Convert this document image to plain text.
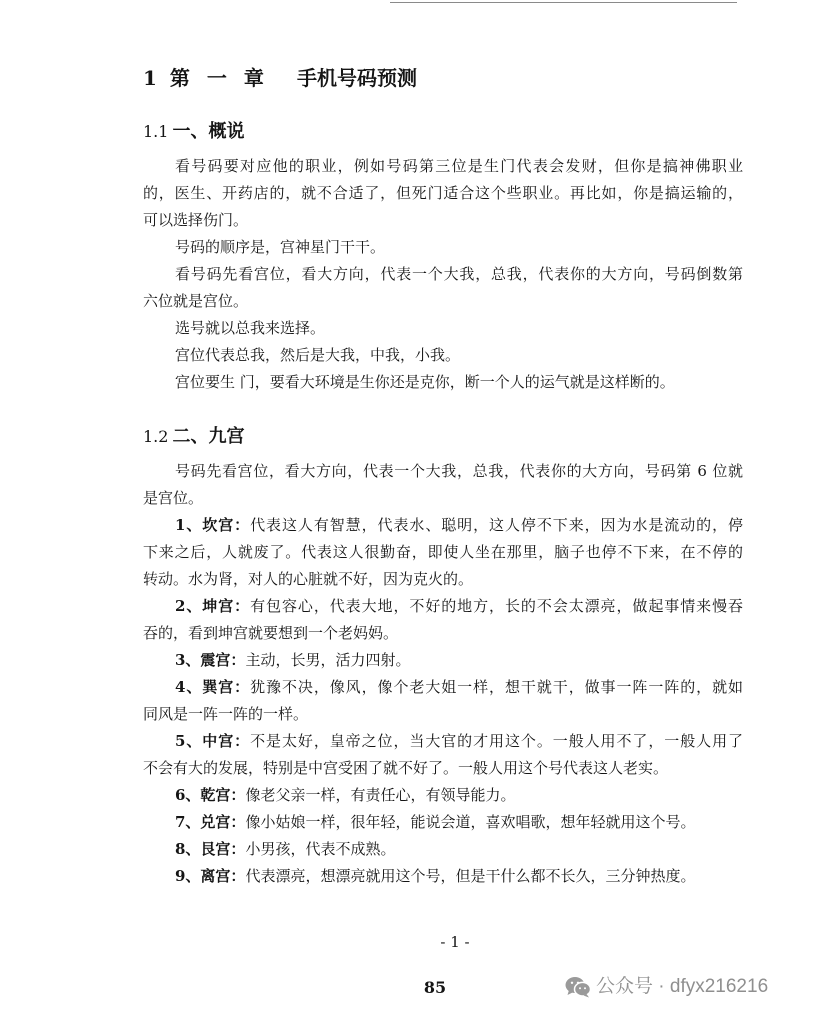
1 第 一 章 手机号码预测
1.1 一、概说
看号码要对应他的职业，例如号码第三位是生门代表会发财，但你是搞神佛职业
的，医生、开药店的，就不合适了，但死门适合这个些职业。再比如，你是搞运输的，
可以选择伤门。
号码的顺序是，宫神星门干干。
看号码先看宫位，看大方向，代表一个大我，总我，代表你的大方向，号码倒数第
六位就是宫位。
选号就以总我来选择。
宫位代表总我，然后是大我，中我，小我。
宫位要生 门，要看大环境是生你还是克你，断一个人的运气就是这样断的。
1.2 二、九宫
号码先看宫位，看大方向，代表一个大我，总我，代表你的大方向，号码第 6 位就
是宫位。
1、坎宫：代表这人有智慧，代表水、聪明，这人停不下来，因为水是流动的，停
下来之后，人就废了。代表这人很勤奋，即使人坐在那里，脑子也停不下来，在不停的
转动。水为肾，对人的心脏就不好，因为克火的。
2、坤宫：有包容心，代表大地，不好的地方，长的不会太漂亮，做起事情来慢吞
吞的，看到坤宫就要想到一个老妈妈。
3、震宫：主动，长男，活力四射。
4、巽宫：犹豫不决，像风，像个老大姐一样，想干就干，做事一阵一阵的，就如
同风是一阵一阵的一样。
5、中宫：不是太好，皇帝之位，当大官的才用这个。一般人用不了，一般人用了
不会有大的发展，特别是中宫受困了就不好了。一般人用这个号代表这人老实。
6、乾宫：像老父亲一样，有责任心，有领导能力。
7、兑宫：像小姑娘一样，很年轻，能说会道，喜欢唱歌，想年轻就用这个号。
8、艮宫：小男孩，代表不成熟。
9、离宫：代表漂亮，想漂亮就用这个号，但是干什么都不长久，三分钟热度。
- 1 -
85	公众号 · dfyx216216
